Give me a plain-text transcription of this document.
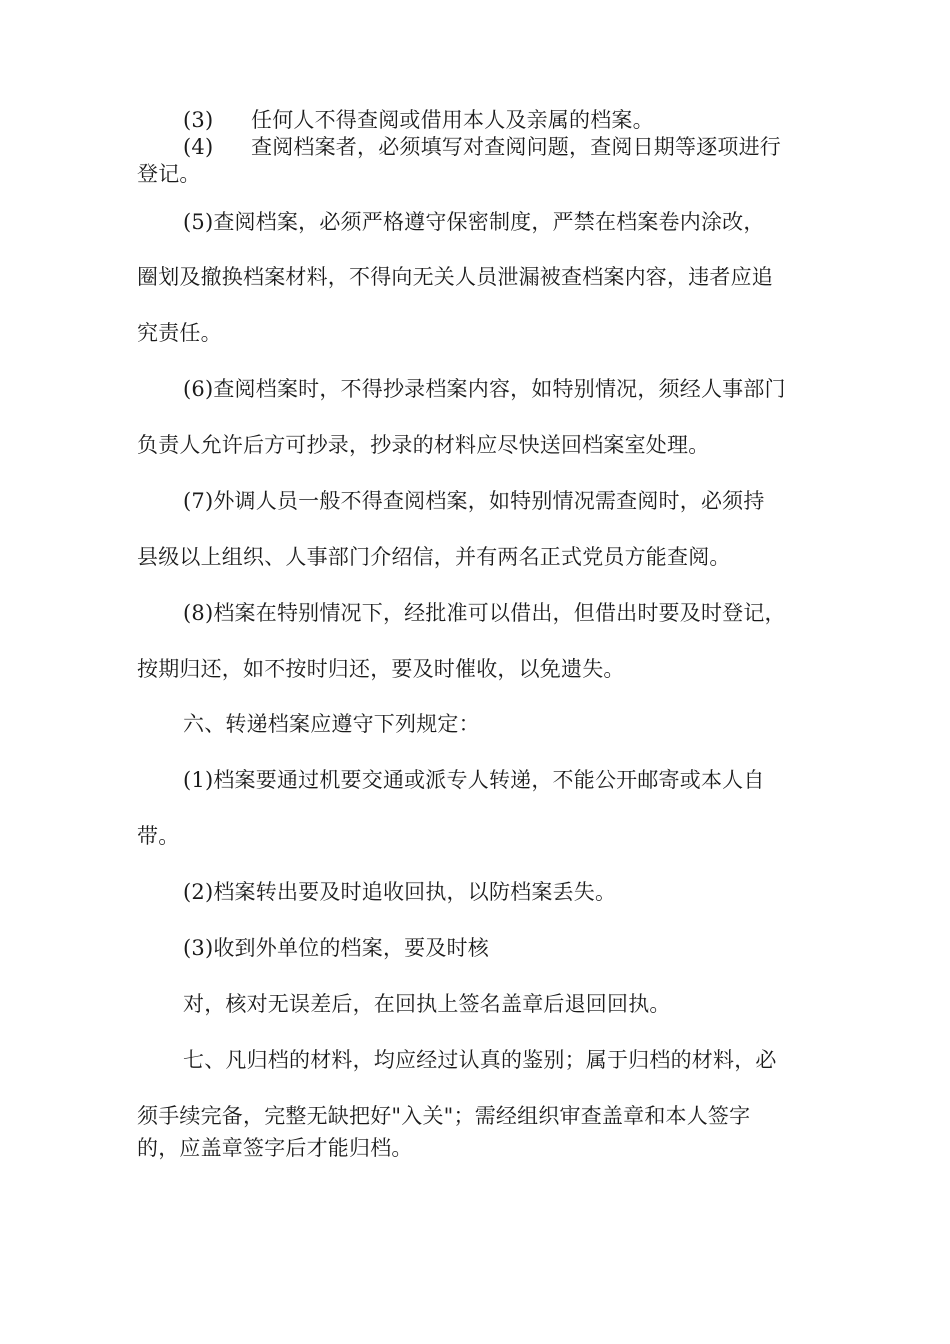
(3) 任何人不得查阅或借用本人及亲属的档案。
(4) 查阅档案者，必须填写对查阅问题，查阅日期等逐项进行
登记。
(5)查阅档案，必须严格遵守保密制度，严禁在档案卷内涂改，
圈划及撤换档案材料，不得向无关人员泄漏被查档案内容，违者应追
究责任。
(6)查阅档案时，不得抄录档案内容，如特别情况，须经人事部门
负责人允许后方可抄录，抄录的材料应尽快送回档案室处理。
(7)外调人员一般不得查阅档案，如特别情况需查阅时，必须持
县级以上组织、人事部门介绍信，并有两名正式党员方能查阅。
(8)档案在特别情况下，经批准可以借出，但借出时要及时登记，
按期归还，如不按时归还，要及时催收，以免遗失。
六、转递档案应遵守下列规定：
(1)档案要通过机要交通或派专人转递，不能公开邮寄或本人自
带。
(2)档案转出要及时追收回执，以防档案丢失。
(3)收到外单位的档案，要及时核
对，核对无误差后，在回执上签名盖章后退回回执。
七、凡归档的材料，均应经过认真的鉴别；属于归档的材料，必
须手续完备，完整无缺把好"入关"；需经组织审查盖章和本人签字
的，应盖章签字后才能归档。
